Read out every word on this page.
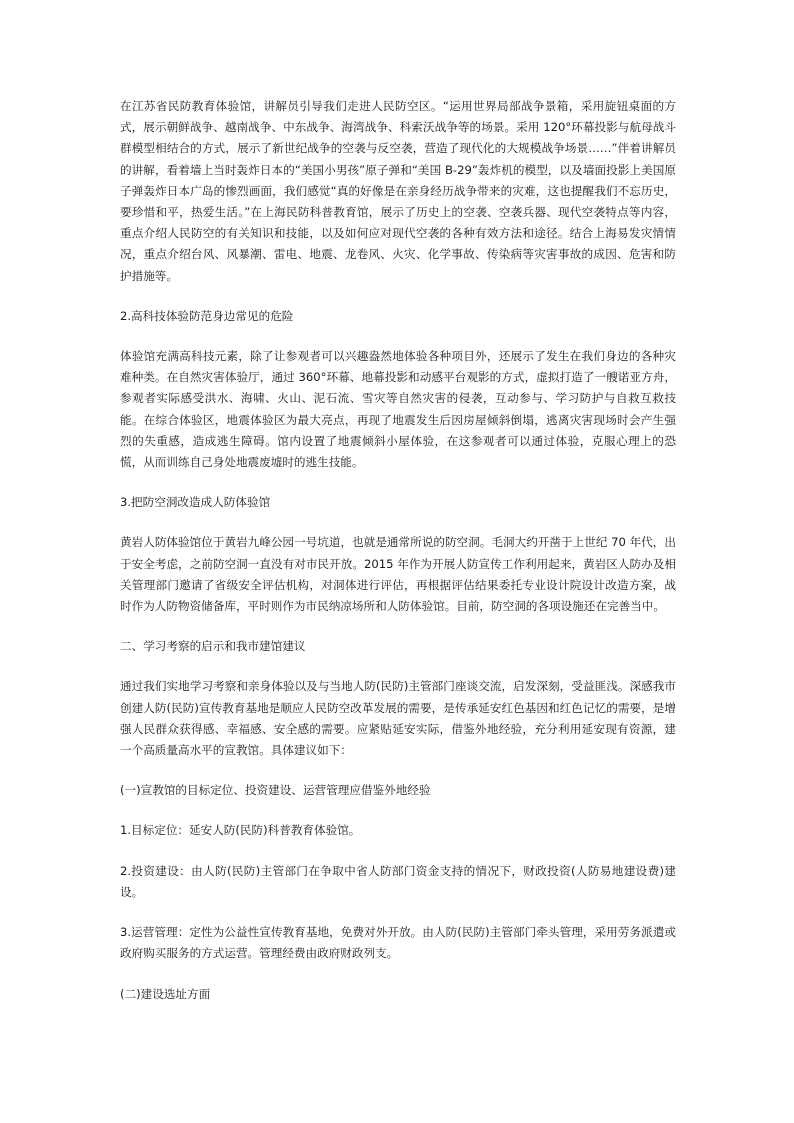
在江苏省民防教育体验馆，讲解员引导我们走进人民防空区。“运用世界局部战争景箱，采用旋钮桌面的方式，展示朝鲜战争、越南战争、中东战争、海湾战争、科索沃战争等的场景。采用 120°环幕投影与航母战斗群模型相结合的方式，展示了新世纪战争的空袭与反空袭，营造了现代化的大规模战争场景……”伴着讲解员的讲解，看着墙上当时轰炸日本的“美国小男孩”原子弹和“美国 B-29”轰炸机的模型，以及墙面投影上美国原子弹轰炸日本广岛的惨烈画面，我们感觉“真的好像是在亲身经历战争带来的灾难，这也提醒我们不忘历史，要珍惜和平，热爱生活。”在上海民防科普教育馆，展示了历史上的空袭、空袭兵器、现代空袭特点等内容，重点介绍人民防空的有关知识和技能，以及如何应对现代空袭的各种有效方法和途径。结合上海易发灾情情况，重点介绍台风、风暴潮、雷电、地震、龙卷风、火灾、化学事故、传染病等灾害事故的成因、危害和防护措施等。

2.高科技体验防范身边常见的危险

体验馆充满高科技元素，除了让参观者可以兴趣盎然地体验各种项目外，还展示了发生在我们身边的各种灾难种类。在自然灾害体验厅，通过 360°环幕、地幕投影和动感平台观影的方式，虚拟打造了一艘诺亚方舟，参观者实际感受洪水、海啸、火山、泥石流、雪灾等自然灾害的侵袭，互动参与、学习防护与自救互救技能。在综合体验区，地震体验区为最大亮点，再现了地震发生后因房屋倾斜倒塌，逃离灾害现场时会产生强烈的失重感，造成逃生障碍。馆内设置了地震倾斜小屋体验，在这参观者可以通过体验，克服心理上的恐慌，从而训练自己身处地震废墟时的逃生技能。

3.把防空洞改造成人防体验馆

黄岩人防体验馆位于黄岩九峰公园一号坑道，也就是通常所说的防空洞。毛洞大约开凿于上世纪 70 年代，出于安全考虑，之前防空洞一直没有对市民开放。2015 年作为开展人防宣传工作利用起来，黄岩区人防办及相关管理部门邀请了省级安全评估机构，对洞体进行评估，再根据评估结果委托专业设计院设计改造方案，战时作为人防物资储备库，平时则作为市民纳凉场所和人防体验馆。目前，防空洞的各项设施还在完善当中。

二、学习考察的启示和我市建馆建议

通过我们实地学习考察和亲身体验以及与当地人防(民防)主管部门座谈交流，启发深刻，受益匪浅。深感我市创建人防(民防)宣传教育基地是顺应人民防空改革发展的需要，是传承延安红色基因和红色记忆的需要，是增强人民群众获得感、幸福感、安全感的需要。应紧贴延安实际，借鉴外地经验，充分利用延安现有资源，建一个高质量高水平的宣教馆。具体建议如下：

(一)宣教馆的目标定位、投资建设、运营管理应借鉴外地经验

1.目标定位：延安人防(民防)科普教育体验馆。

2.投资建设：由人防(民防)主管部门在争取中省人防部门资金支持的情况下，财政投资(人防易地建设费)建设。

3.运营管理：定性为公益性宣传教育基地，免费对外开放。由人防(民防)主管部门牵头管理，采用劳务派遣或政府购买服务的方式运营。管理经费由政府财政列支。

(二)建设选址方面
